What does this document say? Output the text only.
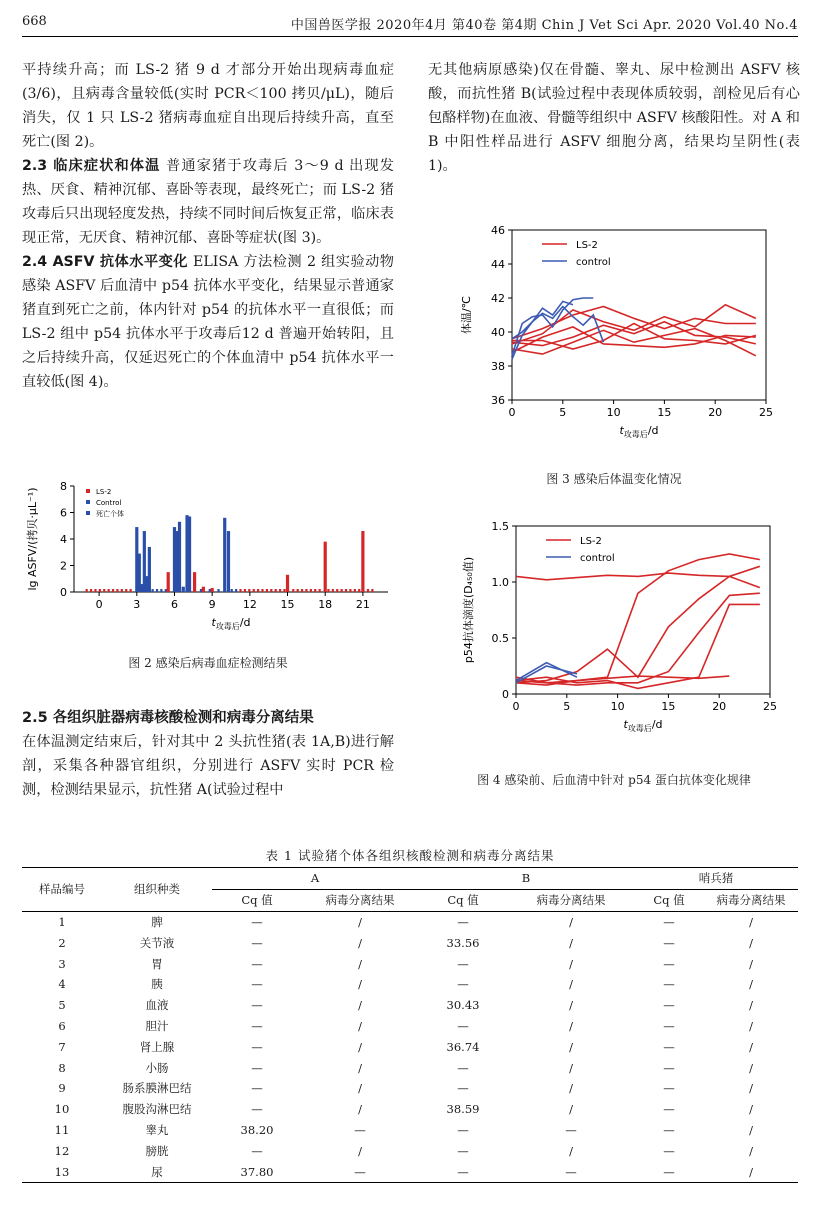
668	中国兽医学报 2020年4月 第40卷 第4期 Chin J Vet Sci Apr. 2020 Vol.40 No.4

平持续升高；而 LS-2 猪 9 d 才部分开始出现病毒血症(3/6)，且病毒含量较低(实时 PCR＜100 拷贝/μL)，随后消失，仅 1 只 LS-2 猪病毒血症自出现后持续升高，直至死亡(图 2)。

2.3 临床症状和体温 普通家猪于攻毒后 3～9 d 出现发热、厌食、精神沉郁、喜卧等表现，最终死亡；而 LS-2 猪攻毒后只出现轻度发热，持续不同时间后恢复正常，临床表现正常，无厌食、精神沉郁、喜卧等症状(图 3)。

2.4 ASFV 抗体水平变化 ELISA 方法检测 2 组实验动物感染 ASFV 后血清中 p54 抗体水平变化，结果显示普通家猪直到死亡之前，体内针对 p54 的抗体水平一直很低；而 LS-2 组中 p54 抗体水平于攻毒后12 d 普遍开始转阳，且之后持续升高，仅延迟死亡的个体血清中 p54 抗体水平一直较低(图 4)。

0
2
4
6
8
0	3	6	9 12 15 18 21
lg ASFV/(拷贝·μL⁻¹)
$t_{攻毒后}/d$
LS-2
Control
死亡个体
图 2 感染后病毒血症检测结果

2.5 各组织脏器病毒核酸检测和病毒分离结果

在体温测定结束后，针对其中 2 头抗性猪(表 1A,B)进行解剖，采集各种器官组织，分别进行 ASFV 实时 PCR 检测，检测结果显示，抗性猪 A(试验过程中

无其他病原感染)仅在骨髓、睾丸、尿中检测出 ASFV 核酸，而抗性猪 B(试验过程中表现体质较弱，剖检见后有心包酪样物)在血液、骨髓等组织中 ASFV 核酸阳性。对 A 和 B 中阳性样品进行 ASFV 细胞分离，结果均呈阴性(表 1)。

36
38
40
42
44
46
0	5	10	15	20	25
体温/℃
$t_{攻毒后}/d$
LS-2
control
图 3 感染后体温变化情况
0
0.5
1.0
1.5
0	5	10	15	20	25
p54抗体滴度(D₄₅₀值)
$t_{攻毒后}/d$
LS-2
control
图 4 感染前、后血清中针对 p54 蛋白抗体变化规律
表 1 试验猪个体各组织核酸检测和病毒分离结果
样品编号	组织种类	A		B		哨兵猪	
		Cq 值	病毒分离结果	Cq 值	病毒分离结果	Cq 值	病毒分离结果
1	脾	—	/	—	/	—	/
2	关节液	—	/	33.56	/	—	/
3	胃	—	/	—	/	—	/
4	胰	—	/	—	/	—	/
5	血液	—	/	30.43	/	—	/
6	胆汁	—	/	—	/	—	/
7	肾上腺	—	/	36.74	/	—	/
8	小肠	—	/	—	/	—	/
9	肠系膜淋巴结	—	/	—	/	—	/
10	腹股沟淋巴结	—	/	38.59	/	—	/
11	睾丸	38.20	—	—	—	—	/
12	膀胱	—	/	—	/	—	/
13	尿	37.80	—	—	—	—	/
